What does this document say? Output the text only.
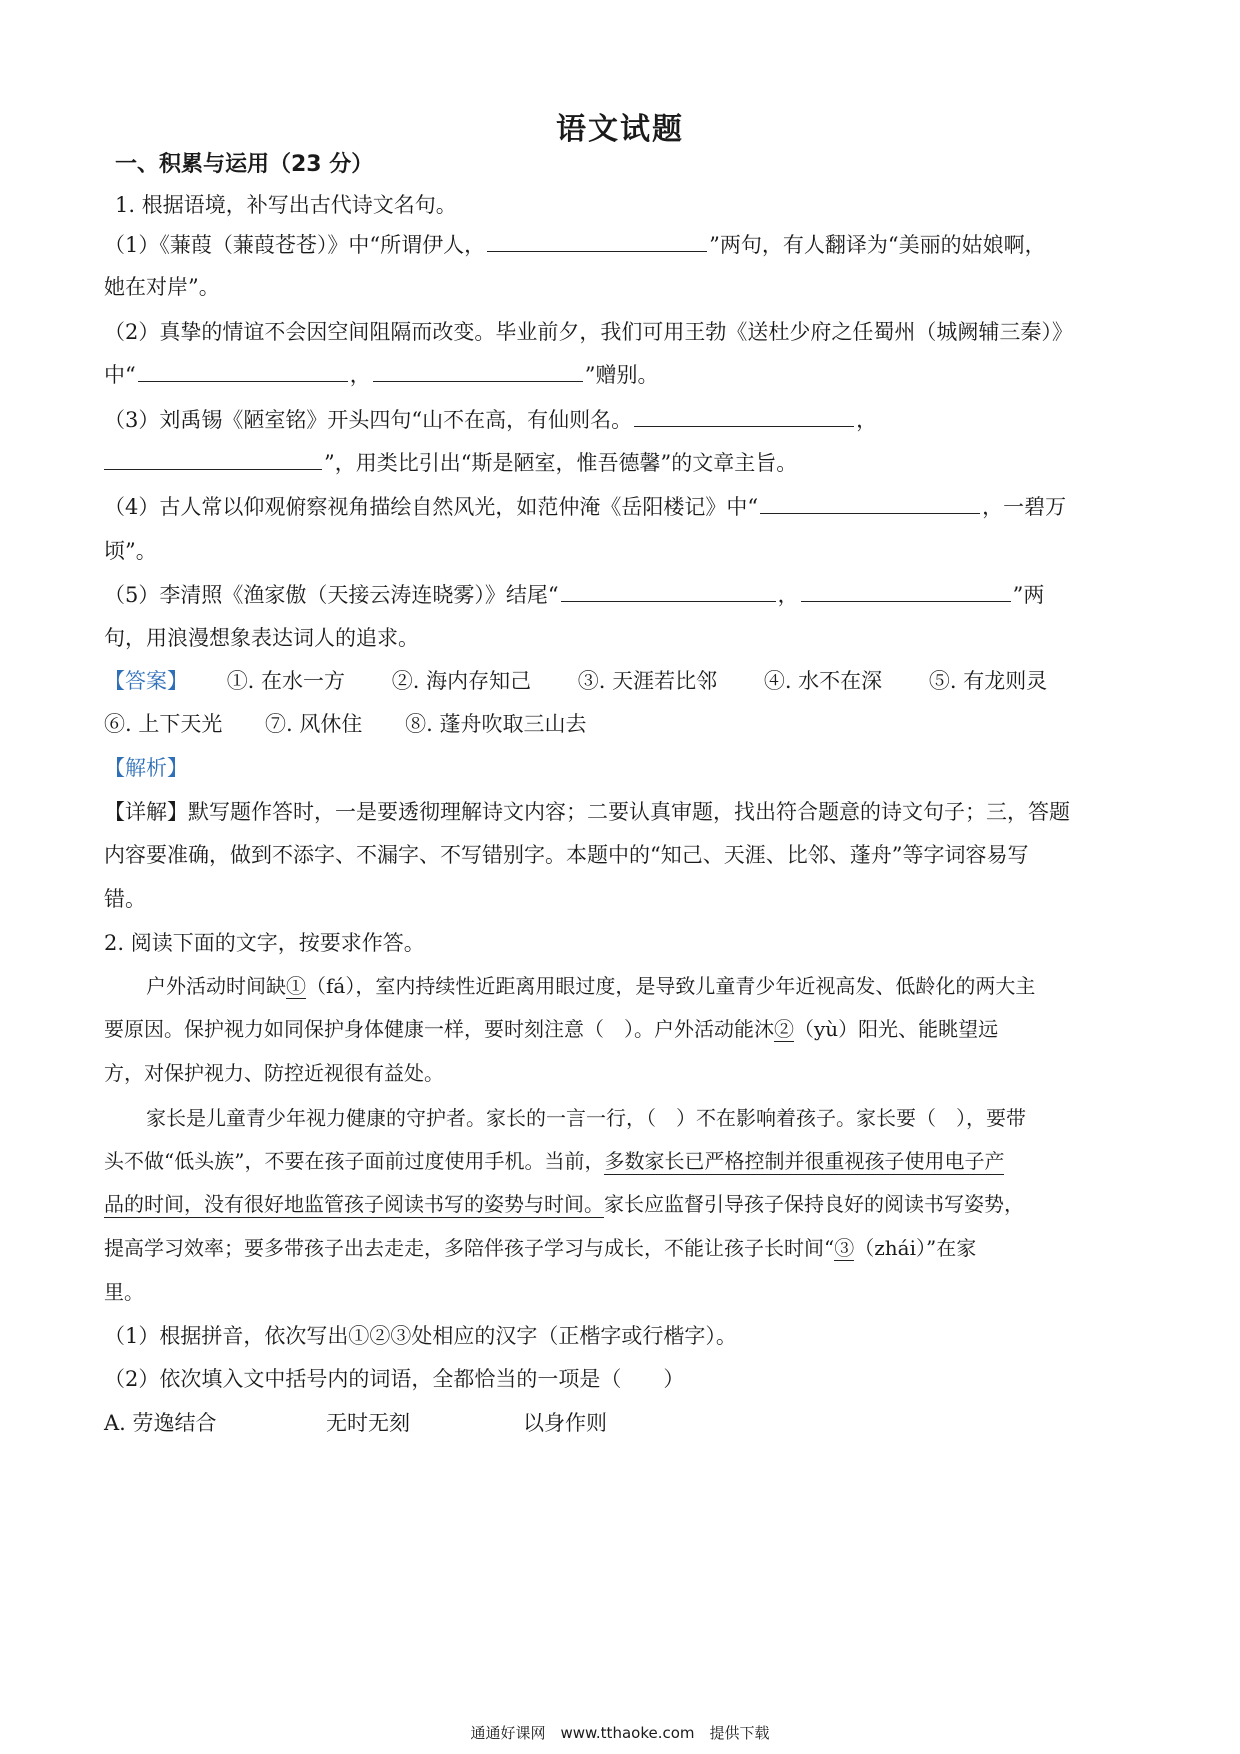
语文试题
一、积累与运用（23 分）
1. 根据语境，补写出古代诗文名句。
（1）《蒹葭（蒹葭苍苍）》中“所谓伊人，	”两句，有人翻译为“美丽的姑娘啊，
她在对岸”。
（2）真挚的情谊不会因空间阻隔而改变。毕业前夕，我们可用王勃《送杜少府之任蜀州（城阙辅三秦）》
中“	，	”赠别。
（3）刘禹锡《陋室铭》开头四句“山不在高，有仙则名。	，
”，用类比引出“斯是陋室，惟吾德馨”的文章主旨。
（4）古人常以仰观俯察视角描绘自然风光，如范仲淹《岳阳楼记》中“	，一碧万
顷”。
（5）李清照《渔家傲（天接云涛连晓雾）》结尾“	，	”两
句，用浪漫想象表达词人的追求。
【答案】 ①. 在水一方 ②. 海内存知己 ③. 天涯若比邻 ④. 水不在深 ⑤. 有龙则灵
⑥. 上下天光 ⑦. 风休住 ⑧. 蓬舟吹取三山去
【解析】
【详解】默写题作答时，一是要透彻理解诗文内容；二要认真审题，找出符合题意的诗文句子；三，答题
内容要准确，做到不添字、不漏字、不写错别字。本题中的“知己、天涯、比邻、蓬舟”等字词容易写
错。
2. 阅读下面的文字，按要求作答。
户外活动时间缺①（fá），室内持续性近距离用眼过度，是导致儿童青少年近视高发、低龄化的两大主
要原因。保护视力如同保护身体健康一样，要时刻注意（　）。户外活动能沐②（yù）阳光、能眺望远
方，对保护视力、防控近视很有益处。
家长是儿童青少年视力健康的守护者。家长的一言一行，（　）不在影响着孩子。家长要（　），要带
头不做“低头族”，不要在孩子面前过度使用手机。当前，多数家长已严格控制并很重视孩子使用电子产
品的时间，没有很好地监管孩子阅读书写的姿势与时间。家长应监督引导孩子保持良好的阅读书写姿势，
提高学习效率；要多带孩子出去走走，多陪伴孩子学习与成长，不能让孩子长时间“③（zhái）”在家
里。
（1）根据拼音，依次写出①②③处相应的汉字（正楷字或行楷字）。
（2）依次填入文中括号内的词语，全都恰当的一项是（　　）
A. 劳逸结合	无时无刻	以身作则
通通好课网　www.tthaoke.com　提供下载
